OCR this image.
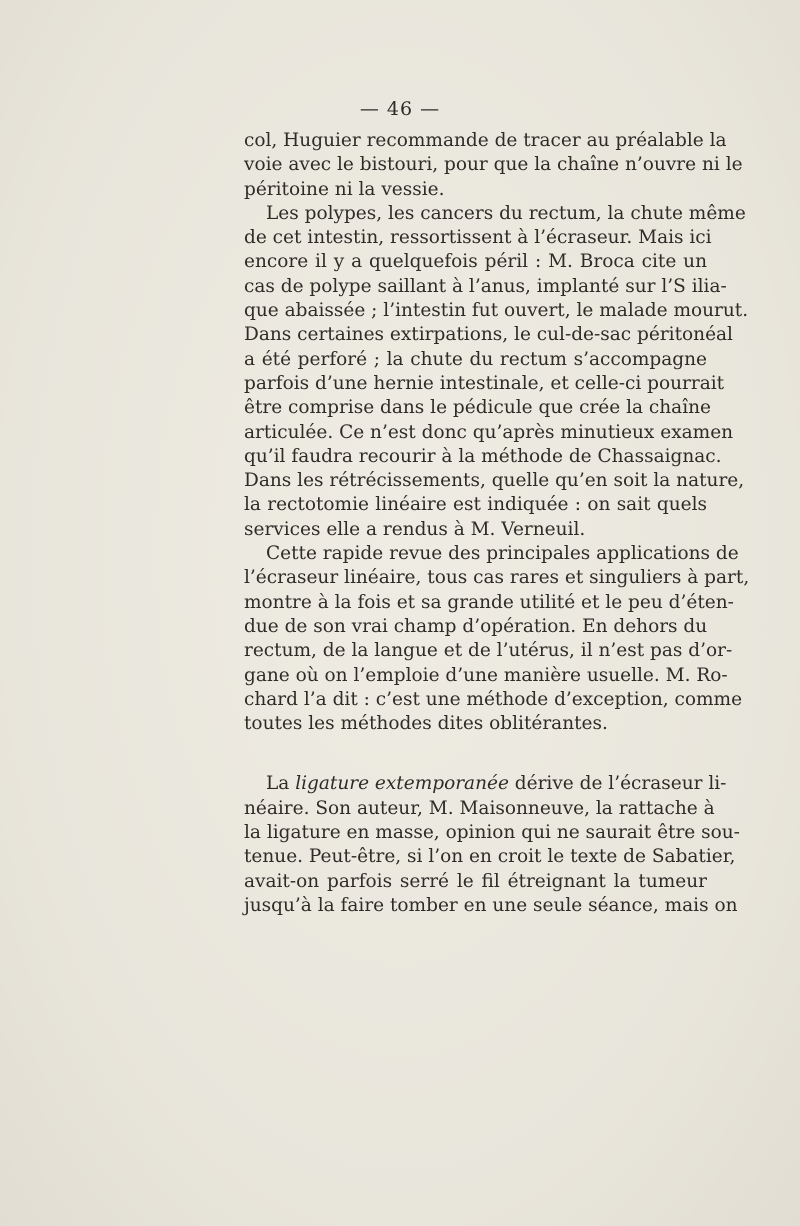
— 46 —
col, Huguier recommande de tracer au préalable la
voie avec le bistouri, pour que la chaîne n’ouvre ni le
péritoine ni la vessie.
Les polypes, les cancers du rectum, la chute même
de cet intestin, ressortissent à l’écraseur. Mais ici
encore il y a quelquefois péril : M. Broca cite un
cas de polype saillant à l’anus, implanté sur l’S ilia-
que abaissée ; l’intestin fut ouvert, le malade mourut.
Dans certaines extirpations, le cul-de-sac péritonéal
a été perforé ; la chute du rectum s’accompagne
parfois d’une hernie intestinale, et celle-ci pourrait
être comprise dans le pédicule que crée la chaîne
articulée. Ce n’est donc qu’après minutieux examen
qu’il faudra recourir à la méthode de Chassaignac.
Dans les rétrécissements, quelle qu’en soit la nature,
la rectotomie linéaire est indiquée : on sait quels
services elle a rendus à M. Verneuil.
Cette rapide revue des principales applications de
l’écraseur linéaire, tous cas rares et singuliers à part,
montre à la fois et sa grande utilité et le peu d’éten-
due de son vrai champ d’opération. En dehors du
rectum, de la langue et de l’utérus, il n’est pas d’or-
gane où on l’emploie d’une manière usuelle. M. Ro-
chard l’a dit : c’est une méthode d’exception, comme
toutes les méthodes dites oblitérantes.
La ligature extemporanée dérive de l’écraseur li-
néaire. Son auteur, M. Maisonneuve, la rattache à
la ligature en masse, opinion qui ne saurait être sou-
tenue. Peut-être, si l’on en croit le texte de Sabatier,
avait-on parfois serré le fil étreignant la tumeur
jusqu’à la faire tomber en une seule séance, mais on
